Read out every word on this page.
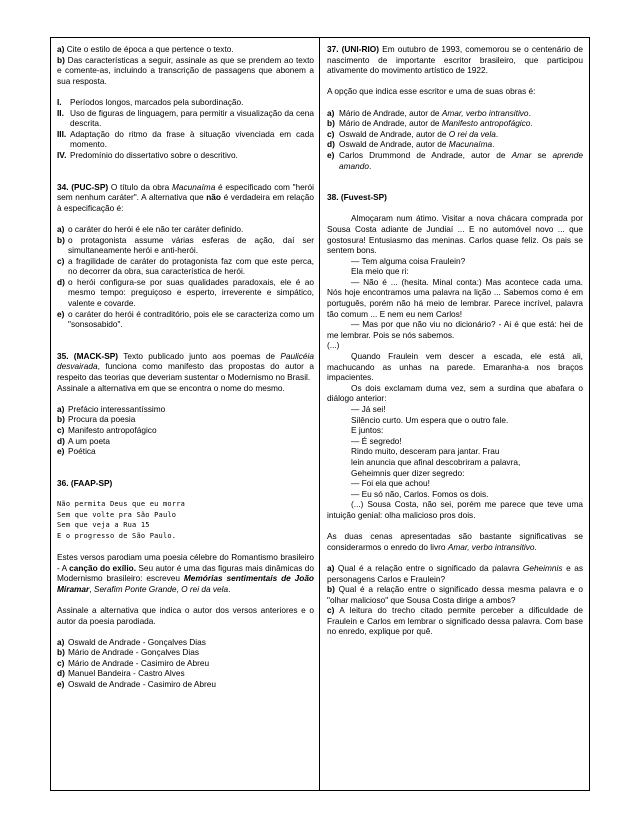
a) Cite o estilo de época a que pertence o texto.

b) Das características a seguir, assinale as que se prendem ao texto e comente-as, incluindo a transcrição de passagens que abonem a sua resposta.

I.	Períodos longos, marcados pela subordinação.
II. Uso de figuras de linguagem, para permitir a visualização da cena descrita.
III. Adaptação do ritmo da frase à situação vivenciada em cada momento.
IV. Predomínio do dissertativo sobre o descritivo.

34. (PUC-SP) O título da obra Macunaíma é especificado com "herói sem nenhum caráter". A alternativa que não é verdadeira em relação à especificação é:

a) o caráter do herói é ele não ter caráter definido.
b) o protagonista assume várias esferas de ação, daí ser simultaneamente herói e anti-herói.
c) a fragilidade de caráter do protagonista faz com que este perca, no decorrer da obra, sua característica de herói.
d) o herói configura-se por suas qualidades paradoxais, ele é ao mesmo tempo: preguiçoso e esperto, irreverente e simpático, valente e covarde.
e) o caráter do herói é contraditório, pois ele se caracteriza como um "sonsosabido".

35. (MACK-SP) Texto publicado junto aos poemas de Paulicéia desvairada, funciona como manifesto das propostas do autor a respeito das teorias que deveriam sustentar o Modernismo no Brasil.

Assinale a alternativa em que se encontra o nome do mesmo.

a) Prefácio interessantíssimo
b) Procura da poesia
c) Manifesto antropofágico
d) A um poeta
e) Poética

36. (FAAP-SP)

Não permita Deus que eu morra

Sem que volte pra São Paulo

Sem que veja a Rua 15

E o progresso de São Paulo.

Estes versos parodiam uma poesia célebre do Romantismo brasileiro - A canção do exílio. Seu autor é uma das figuras mais dinâmicas do Modernismo brasileiro: escreveu Memórias sentimentais de João Miramar, Serafim Ponte Grande, O rei da vela.

Assinale a alternativa que indica o autor dos versos anteriores e o autor da poesia parodiada.

a) Oswald de Andrade - Gonçalves Dias
b) Mário de Andrade - Gonçalves Dias
c) Mário de Andrade - Casimiro de Abreu
d) Manuel Bandeira - Castro Alves
e) Oswald de Andrade - Casimiro de Abreu

37. (UNI-RIO) Em outubro de 1993, comemorou se o centenário de nascimento de importante escritor brasileiro, que participou ativamente do movimento artístico de 1922.

A opção que indica esse escritor e uma de suas obras é:

a) Mário de Andrade, autor de Amar, verbo intransitivo.
b) Mário de Andrade, autor de Manifesto antropofágico.
c) Oswald de Andrade, autor de O rei da vela.
d) Oswald de Andrade, autor de Macunaíma.
e) Carlos Drummond de Andrade, autor de Amar se aprende amando.

38. (Fuvest-SP)

Almoçaram num átimo. Visitar a nova chácara comprada por Sousa Costa adiante de Jundiaí ... E no automóvel novo ... que gostosura! Entusiasmo das meninas. Carlos quase feliz. Os pais se sentem bons.

— Tem alguma coisa Fraulein?

Ela meio que ri:

— Não é ... (hesita. Minal conta:) Mas acontece cada uma. Nós hoje encontramos uma palavra na lição ... Sabemos como é em português, porém não há meio de lembrar. Parece incrível, palavra tão comum ... E nem eu nem Carlos!

— Mas por que não viu no dicionário? - Ai é que está: hei de me lembrar. Pois se nós sabemos.

(...)

Quando Fraulein vem descer a escada, ele está ali, machucando as unhas na parede. Emaranha-a nos braços impacientes.

Os dois exclamam duma vez, sem a surdina que abafara o diálogo anterior:

— Já sei!

Silêncio curto. Um espera que o outro fale.

E juntos:

— É segredo!

Rindo muito, desceram para jantar. Frau

lein anuncia que afinal descobriram a palavra,

Geheimnis quer dizer segredo:

— Foi ela que achou!

— Eu só não, Carlos. Fomos os dois.

(...) Sousa Costa, não sei, porém me parece que teve uma intuição genial: olha malicioso pros dois.

As duas cenas apresentadas são bastante significativas se considerarmos o enredo do livro Amar, verbo intransitivo.

a) Qual é a relação entre o significado da palavra Geheimnis e as personagens Carlos e Fraulein?

b) Qual é a relação entre o significado dessa mesma palavra e o "olhar malicioso" que Sousa Costa dirige a ambos?

c) A leitura do trecho citado permite perceber a dificuldade de Fraulein e Carlos em lembrar o significado dessa palavra. Com base no enredo, explique por quê.
